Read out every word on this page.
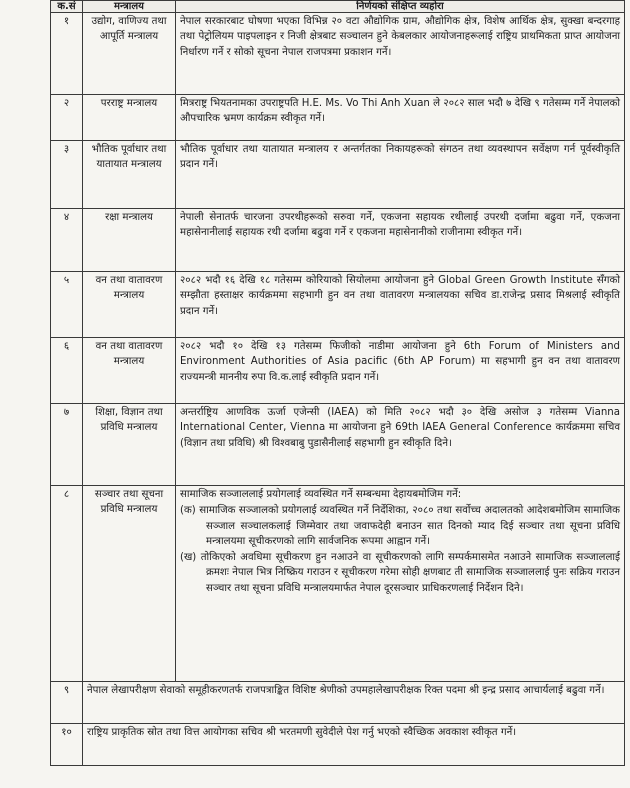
क.सं	मन्त्रालय	निर्णयको संक्षिप्त व्यहोरा
१	उद्योग, वाणिज्य तथा आपूर्ति मन्त्रालय	नेपाल सरकारबाट घोषणा भएका विभिन्न २० वटा औद्योगिक ग्राम, औद्योगिक क्षेत्र, विशेष आर्थिक क्षेत्र, सुक्खा बन्दरगाह तथा पेट्रोलियम पाइपलाइन र निजी क्षेत्रबाट सञ्चालन हुने केबलकार आयोजनाहरूलाई राष्ट्रिय प्राथमिकता प्राप्त आयोजना निर्धारण गर्ने र सोको सूचना नेपाल राजपत्रमा प्रकाशन गर्ने।
२	परराष्ट्र मन्त्रालय	मित्रराष्ट्र भियतनामका उपराष्ट्रपति H.E. Ms. Vo Thi Anh Xuan ले २०८२ साल भदौ ७ देखि ९ गतेसम्म गर्ने नेपालको औपचारिक भ्रमण कार्यक्रम स्वीकृत गर्ने।
३	भौतिक पूर्वाधार तथा यातायात मन्त्रालय	भौतिक पूर्वाधार तथा यातायात मन्त्रालय र अन्तर्गतका निकायहरूको संगठन तथा व्यवस्थापन सर्वेक्षण गर्न पूर्वस्वीकृति प्रदान गर्ने।
४	रक्षा मन्त्रालय	नेपाली सेनातर्फ चारजना उपरथीहरूको सरुवा गर्ने, एकजना सहायक रथीलाई उपरथी दर्जामा बढुवा गर्ने, एकजना महासेनानीलाई सहायक रथी दर्जामा बढुवा गर्ने र एकजना महासेनानीको राजीनामा स्वीकृत गर्ने।
५	वन तथा वातावरण मन्त्रालय	२०८२ भदौ १६ देखि १८ गतेसम्म कोरियाको सियोलमा आयोजना हुने Global Green Growth Institute सँगको सम्झौता हस्ताक्षर कार्यक्रममा सहभागी हुन वन तथा वातावरण मन्त्रालयका सचिव डा.राजेन्द्र प्रसाद मिश्रलाई स्वीकृति प्रदान गर्ने।
६	वन तथा वातावरण मन्त्रालय	२०८२ भदौ १० देखि १३ गतेसम्म फिजीको नाडीमा आयोजना हुने 6th Forum of Ministers and Environment Authorities of Asia pacific (6th AP Forum) मा सहभागी हुन वन तथा वातावरण राज्यमन्त्री माननीय रुपा वि.क.लाई स्वीकृति प्रदान गर्ने।
७	शिक्षा, विज्ञान तथा प्रविधि मन्त्रालय	अन्तर्राष्ट्रिय आणविक ऊर्जा एजेन्सी (IAEA) को मिति २०८२ भदौ ३० देखि असोज ३ गतेसम्म Vianna International Center, Vienna मा आयोजना हुने 69th IAEA General Conference कार्यक्रममा सचिव (विज्ञान तथा प्रविधि) श्री विश्वबाबु पुडासैनीलाई सहभागी हुन स्वीकृति दिने।
८	सञ्चार तथा सूचना प्रविधि मन्त्रालय	सामाजिक सञ्जाललाई प्रयोगलाई व्यवस्थित गर्ने सम्बन्धमा देहायबमोजिम गर्ने:
(क) सामाजिक सञ्जालको प्रयोगलाई व्यवस्थित गर्ने निर्देशिका, २०८० तथा सर्वोच्च अदालतको आदेशबमोजिम सामाजिक सञ्जाल सञ्चालकलाई जिम्मेवार तथा जवाफदेही बनाउन सात दिनको म्याद दिई सञ्चार तथा सूचना प्रविधि मन्त्रालयमा सूचीकरणको लागि सार्वजनिक रूपमा आह्वान गर्ने।
(ख) तोकिएको अवधिमा सूचीकरण हुन नआउने वा सूचीकरणको लागि सम्पर्कमासमेत नआउने सामाजिक सञ्जाललाई क्रमशः नेपाल भित्र निष्क्रिय गराउन र सूचीकरण गरेमा सोही क्षणबाट ती सामाजिक सञ्जाललाई पुनः सक्रिय गराउन सञ्चार तथा सूचना प्रविधि मन्त्रालयमार्फत नेपाल दूरसञ्चार प्राधिकरणलाई निर्देशन दिने।

९	नेपाल लेखापरीक्षण सेवाको समूहीकरणतर्फ राजपत्राङ्कित विशिष्ट श्रेणीको उपमहालेखापरीक्षक रिक्त पदमा श्री इन्द्र प्रसाद आचार्यलाई बढुवा गर्ने।	
१०	राष्ट्रिय प्राकृतिक स्रोत तथा वित्त आयोगका सचिव श्री भरतमणी सुवेदीले पेश गर्नु भएको स्वैच्छिक अवकाश स्वीकृत गर्ने।	
